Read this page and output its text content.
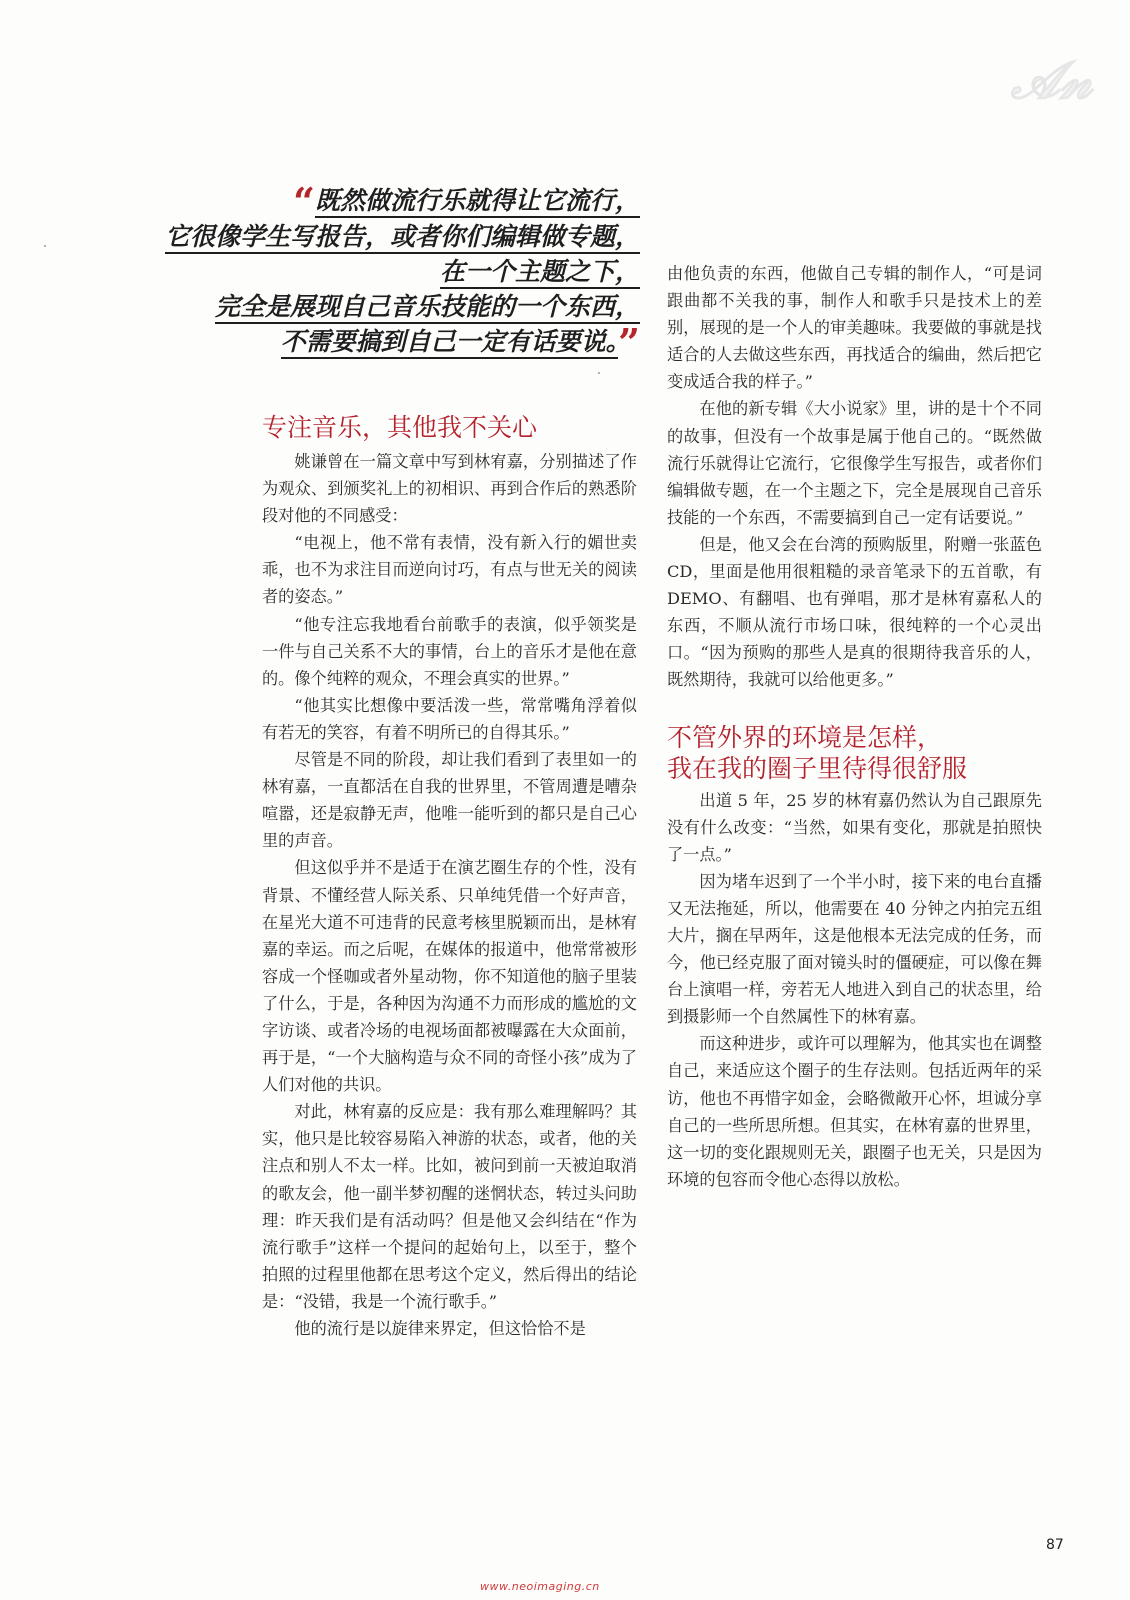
𝒜𝓃
“既然做流行乐就得让它流行，
它很像学生写报告，或者你们编辑做专题，
在一个主题之下，
完全是展现自己音乐技能的一个东西，
不需要搞到自己一定有话要说。”
专注音乐，其他我不关心

姚谦曾在一篇文章中写到林宥嘉，分别描述了作为观众、到颁奖礼上的初相识、再到合作后的熟悉阶段对他的不同感受：

“电视上，他不常有表情，没有新入行的媚世卖乖，也不为求注目而逆向讨巧，有点与世无关的阅读者的姿态。”

“他专注忘我地看台前歌手的表演，似乎领奖是一件与自己关系不大的事情，台上的音乐才是他在意的。像个纯粹的观众，不理会真实的世界。”

“他其实比想像中要活泼一些，常常嘴角浮着似有若无的笑容，有着不明所已的自得其乐。”

尽管是不同的阶段，却让我们看到了表里如一的林宥嘉，一直都活在自我的世界里，不管周遭是嘈杂喧嚣，还是寂静无声，他唯一能听到的都只是自己心里的声音。

但这似乎并不是适于在演艺圈生存的个性，没有背景、不懂经营人际关系、只单纯凭借一个好声音，在星光大道不可违背的民意考核里脱颖而出，是林宥嘉的幸运。而之后呢，在媒体的报道中，他常常被形容成一个怪咖或者外星动物，你不知道他的脑子里装了什么，于是，各种因为沟通不力而形成的尴尬的文字访谈、或者冷场的电视场面都被曝露在大众面前，再于是，“一个大脑构造与众不同的奇怪小孩”成为了人们对他的共识。

对此，林宥嘉的反应是：我有那么难理解吗？其实，他只是比较容易陷入神游的状态，或者，他的关注点和别人不太一样。比如，被问到前一天被迫取消的歌友会，他一副半梦初醒的迷惘状态，转过头问助理：昨天我们是有活动吗？但是他又会纠结在“作为流行歌手”这样一个提问的起始句上，以至于，整个拍照的过程里他都在思考这个定义，然后得出的结论是：“没错，我是一个流行歌手。”

他的流行是以旋律来界定，但这恰恰不是

由他负责的东西，他做自己专辑的制作人，“可是词跟曲都不关我的事，制作人和歌手只是技术上的差别，展现的是一个人的审美趣味。我要做的事就是找适合的人去做这些东西，再找适合的编曲，然后把它变成适合我的样子。”

在他的新专辑《大小说家》里，讲的是十个不同的故事，但没有一个故事是属于他自己的。“既然做流行乐就得让它流行，它很像学生写报告，或者你们编辑做专题，在一个主题之下，完全是展现自己音乐技能的一个东西，不需要搞到自己一定有话要说。”

但是，他又会在台湾的预购版里，附赠一张蓝色 CD，里面是他用很粗糙的录音笔录下的五首歌，有 DEMO、有翻唱、也有弹唱，那才是林宥嘉私人的东西，不顺从流行市场口味，很纯粹的一个心灵出口。“因为预购的那些人是真的很期待我音乐的人，既然期待，我就可以给他更多。”

不管外界的环境是怎样，
我在我的圈子里待得很舒服

出道 5 年，25 岁的林宥嘉仍然认为自己跟原先没有什么改变：“当然，如果有变化，那就是拍照快了一点。”

因为堵车迟到了一个半小时，接下来的电台直播又无法拖延，所以，他需要在 40 分钟之内拍完五组大片，搁在早两年，这是他根本无法完成的任务，而今，他已经克服了面对镜头时的僵硬症，可以像在舞台上演唱一样，旁若无人地进入到自己的状态里，给到摄影师一个自然属性下的林宥嘉。

而这种进步，或许可以理解为，他其实也在调整自己，来适应这个圈子的生存法则。包括近两年的采访，他也不再惜字如金，会略微敞开心怀，坦诚分享自己的一些所思所想。但其实，在林宥嘉的世界里，这一切的变化跟规则无关，跟圈子也无关，只是因为环境的包容而令他心态得以放松。

87
www.neoimaging.cn
